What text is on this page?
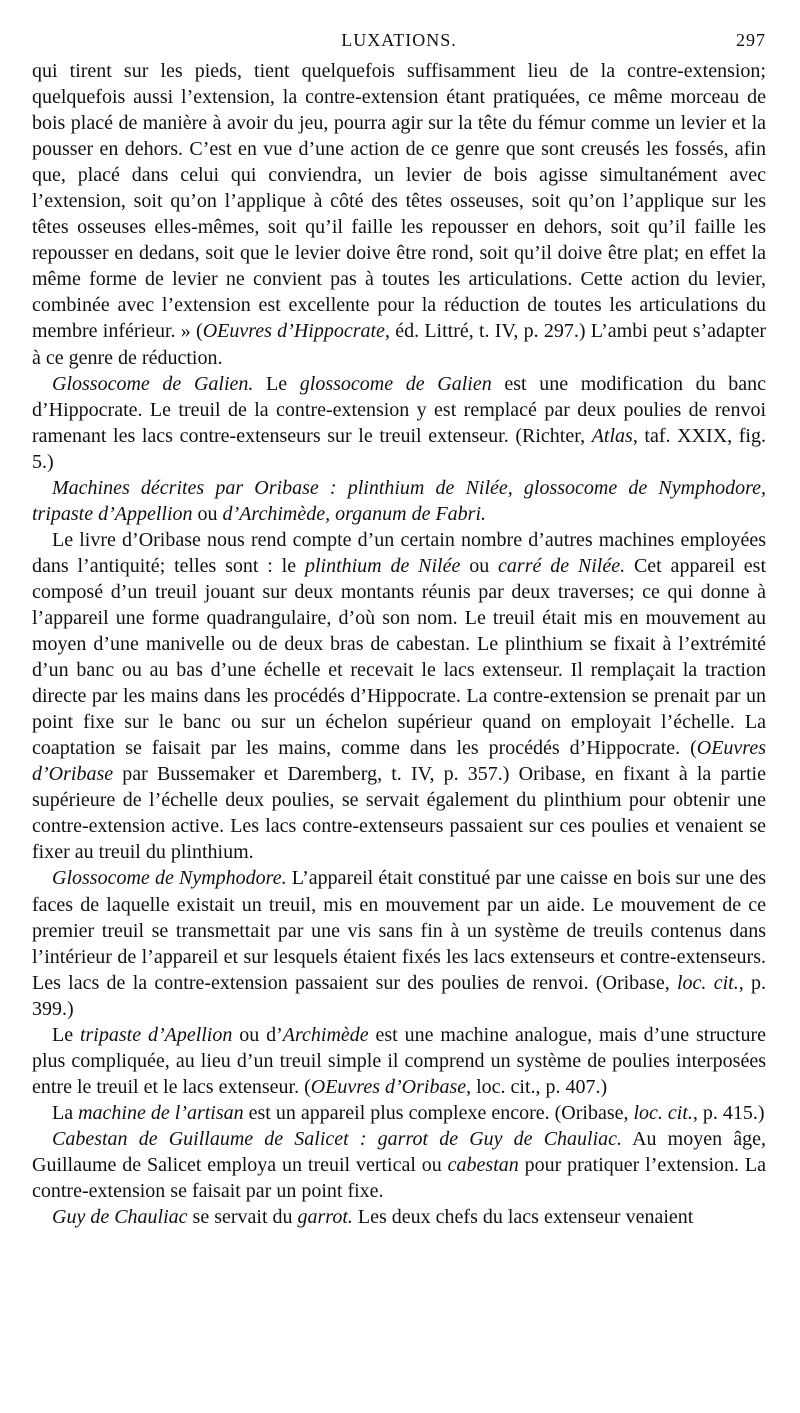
LUXATIONS.	297

qui tirent sur les pieds, tient quelquefois suffisamment lieu de la contre-extension; quelquefois aussi l’extension, la contre-extension étant pratiquées, ce même morceau de bois placé de manière à avoir du jeu, pourra agir sur la tête du fémur comme un levier et la pousser en dehors. C’est en vue d’une action de ce genre que sont creusés les fossés, afin que, placé dans celui qui conviendra, un levier de bois agisse simultanément avec l’extension, soit qu’on l’applique à côté des têtes osseuses, soit qu’on l’applique sur les têtes osseuses elles-mêmes, soit qu’il faille les repousser en dehors, soit qu’il faille les repousser en dedans, soit que le levier doive être rond, soit qu’il doive être plat; en effet la même forme de levier ne convient pas à toutes les articulations. Cette action du levier, combinée avec l’extension est excellente pour la réduction de toutes les articulations du membre inférieur. » (OEuvres d’Hippocrate, éd. Littré, t. IV, p. 297.) L’ambi peut s’adapter à ce genre de réduction.

Glossocome de Galien. Le glossocome de Galien est une modification du banc d’Hippocrate. Le treuil de la contre-extension y est remplacé par deux poulies de renvoi ramenant les lacs contre-extenseurs sur le treuil extenseur. (Richter, Atlas, taf. XXIX, fig. 5.)

Machines décrites par Oribase : plinthium de Nilée, glossocome de Nymphodore, tripaste d’Appellion ou d’Archimède, organum de Fabri.

Le livre d’Oribase nous rend compte d’un certain nombre d’autres machines employées dans l’antiquité; telles sont : le plinthium de Nilée ou carré de Nilée. Cet appareil est composé d’un treuil jouant sur deux montants réunis par deux traverses; ce qui donne à l’appareil une forme quadrangulaire, d’où son nom. Le treuil était mis en mouvement au moyen d’une manivelle ou de deux bras de cabestan. Le plinthium se fixait à l’extrémité d’un banc ou au bas d’une échelle et recevait le lacs extenseur. Il remplaçait la traction directe par les mains dans les procédés d’Hippocrate. La contre-extension se prenait par un point fixe sur le banc ou sur un échelon supérieur quand on employait l’échelle. La coaptation se faisait par les mains, comme dans les procédés d’Hippocrate. (OEuvres d’Oribase par Bussemaker et Daremberg, t. IV, p. 357.) Oribase, en fixant à la partie supérieure de l’échelle deux poulies, se servait également du plinthium pour obtenir une contre-extension active. Les lacs contre-extenseurs passaient sur ces poulies et venaient se fixer au treuil du plinthium.

Glossocome de Nymphodore. L’appareil était constitué par une caisse en bois sur une des faces de laquelle existait un treuil, mis en mouvement par un aide. Le mouvement de ce premier treuil se transmettait par une vis sans fin à un système de treuils contenus dans l’intérieur de l’appareil et sur lesquels étaient fixés les lacs extenseurs et contre-extenseurs. Les lacs de la contre-extension passaient sur des poulies de renvoi. (Oribase, loc. cit., p. 399.)

Le tripaste d’Apellion ou d’Archimède est une machine analogue, mais d’une structure plus compliquée, au lieu d’un treuil simple il comprend un système de poulies interposées entre le treuil et le lacs extenseur. (OEuvres d’Oribase, loc. cit., p. 407.)

La machine de l’artisan est un appareil plus complexe encore. (Oribase, loc. cit., p. 415.)

Cabestan de Guillaume de Salicet : garrot de Guy de Chauliac. Au moyen âge, Guillaume de Salicet employa un treuil vertical ou cabestan pour pratiquer l’extension. La contre-extension se faisait par un point fixe.

Guy de Chauliac se servait du garrot. Les deux chefs du lacs extenseur venaient
